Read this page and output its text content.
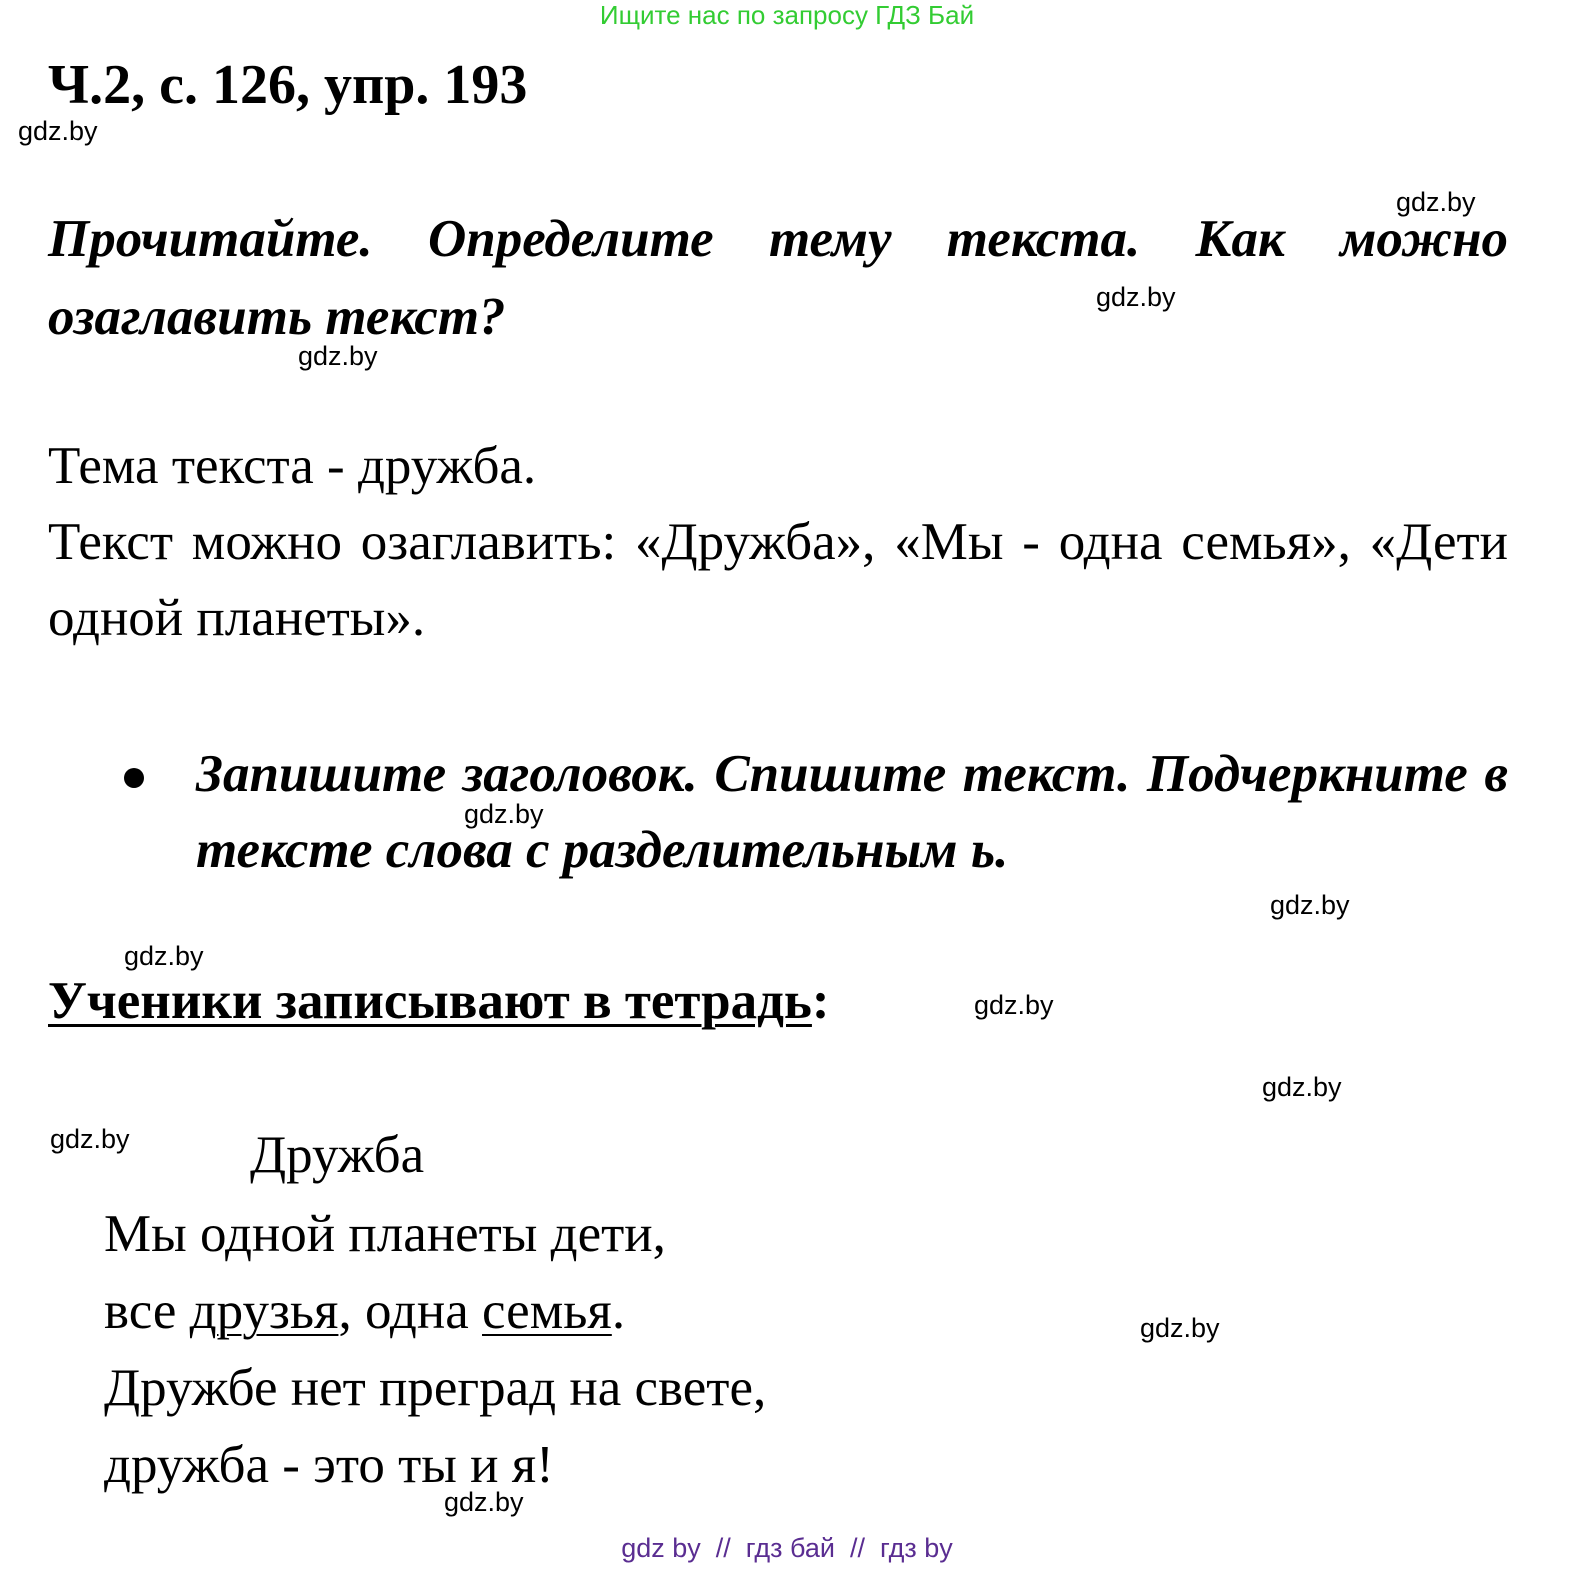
Ищите нас по запросу ГДЗ Бай
Ч.2, с. 126, упр. 193
gdz.by
gdz.by
gdz.by
gdz.by
Прочитайте. Определите тему текста. Как можно озаглавить текст?

Тема текста - дружба.

Текст можно озаглавить: «Дружба», «Мы - одна семья», «Дети одной планеты».

Запишите заголовок. Спишите текст. Подчеркните в тексте слова с разделительным ь.
gdz.by
gdz.by
gdz.by
Ученики записывают в тетрадь:	gdz.by
gdz.by
gdz.by Дружба

Мы одной планеты дети,

все друзья, одна семья.

Дружбе нет преград на свете,

дружба - это ты и я!

gdz.by
gdz.by
gdz by  //  гдз бай  //  гдз by
